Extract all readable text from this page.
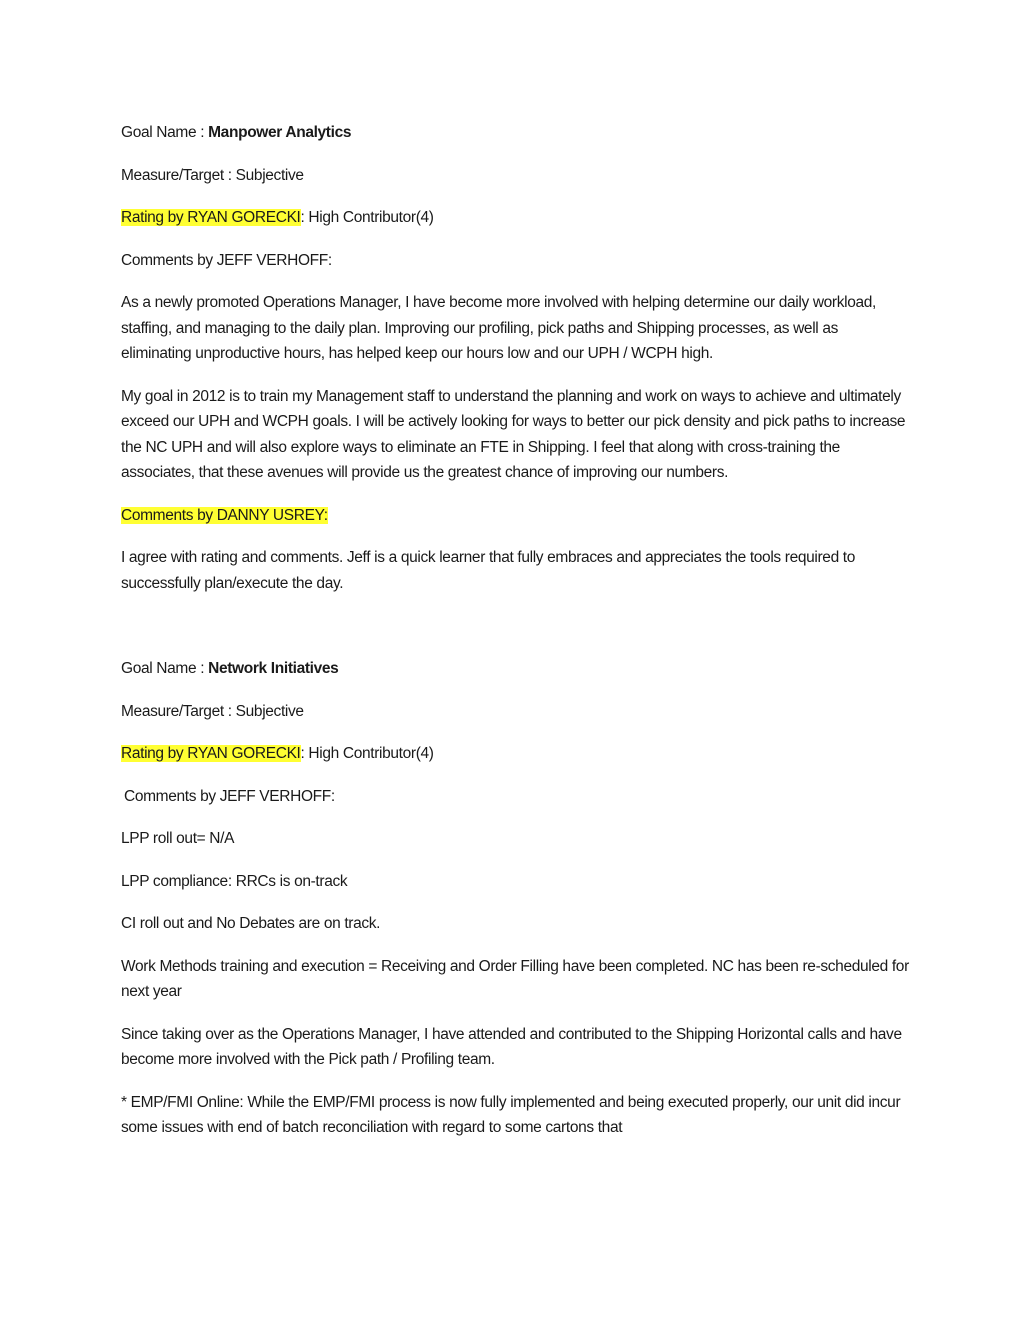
Goal Name : Manpower Analytics

Measure/Target : Subjective

Rating by RYAN GORECKI: High Contributor(4)

Comments by JEFF VERHOFF:

As a newly promoted Operations Manager, I have become more involved with helping determine our daily workload, staffing, and managing to the daily plan. Improving our profiling, pick paths and Shipping processes, as well as eliminating unproductive hours, has helped keep our hours low and our UPH / WCPH high.

My goal in 2012 is to train my Management staff to understand the planning and work on ways to achieve and ultimately exceed our UPH and WCPH goals. I will be actively looking for ways to better our pick density and pick paths to increase the NC UPH and will also explore ways to eliminate an FTE in Shipping. I feel that along with cross-training the associates, that these avenues will provide us the greatest chance of improving our numbers.

Comments by DANNY USREY:

I agree with rating and comments. Jeff is a quick learner that fully embraces and appreciates the tools required to successfully plan/execute the day.

Goal Name : Network Initiatives

Measure/Target : Subjective

Rating by RYAN GORECKI: High Contributor(4)

Comments by JEFF VERHOFF:

LPP roll out= N/A

LPP compliance: RRCs is on-track

CI roll out and No Debates are on track.

Work Methods training and execution = Receiving and Order Filling have been completed. NC has been re-scheduled for next year

Since taking over as the Operations Manager, I have attended and contributed to the Shipping Horizontal calls and have become more involved with the Pick path / Profiling team.

* EMP/FMI Online: While the EMP/FMI process is now fully implemented and being executed properly, our unit did incur some issues with end of batch reconciliation with regard to some cartons that
